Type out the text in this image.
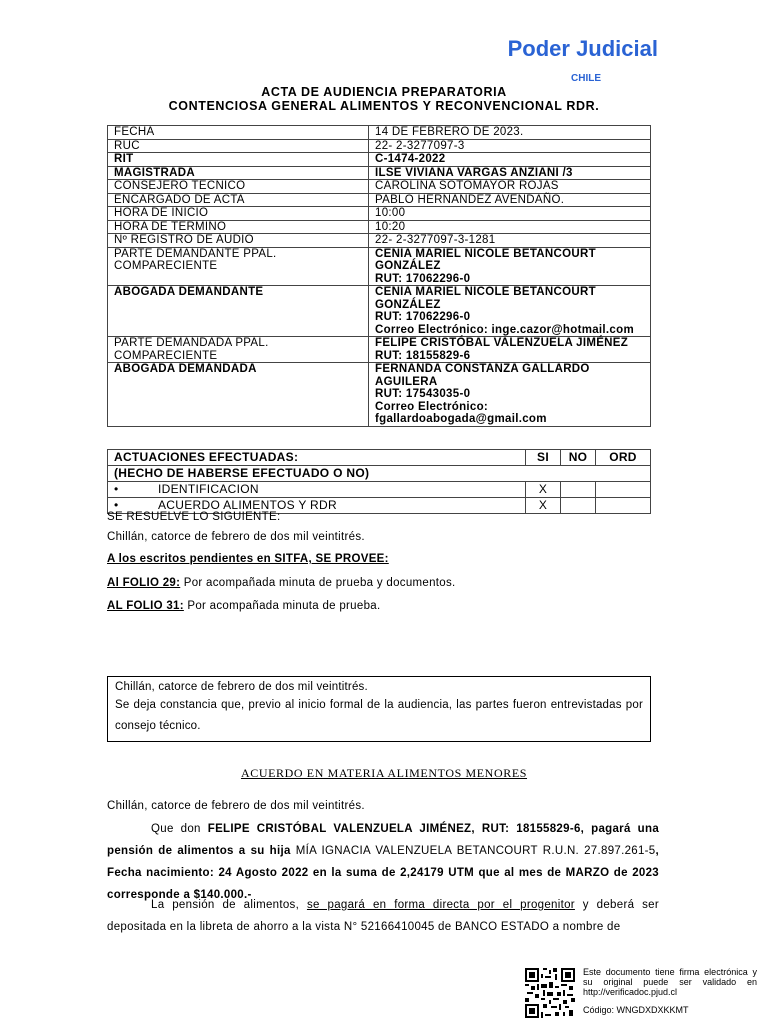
Poder Judicial
CHILE
ACTA DE AUDIENCIA PREPARATORIA
CONTENCIOSA GENERAL ALIMENTOS Y RECONVENCIONAL RDR.
FECHA	14 DE FEBRERO DE 2023.

RUC	22- 2-3277097-3

RIT	C-1474-2022

MAGISTRADA	ILSE VIVIANA VARGAS ANZIANI /3

CONSEJERO TECNICO	CAROLINA SOTOMAYOR ROJAS

ENCARGADO DE ACTA	PABLO HERNANDEZ AVENDAÑO.

HORA DE INICIO	10:00

HORA DE TERMINO	10:20

Nº REGISTRO DE AUDIO	22- 2-3277097-3-1281

PARTE DEMANDANTE PPAL. COMPARECIENTE	CENIA MARIEL NICOLE BETANCOURT GONZÁLEZ
RUT: 17062296-0

ABOGADA DEMANDANTE	CENIA MARIEL NICOLE BETANCOURT GONZÁLEZ
RUT: 17062296-0
Correo Electrónico: inge.cazor@hotmail.com

PARTE DEMANDADA PPAL. COMPARECIENTE	FELIPE CRISTÓBAL VALENZUELA JIMÉNEZ
RUT: 18155829-6

ABOGADA DEMANDADA	FERNANDA CONSTANZA GALLARDO AGUILERA
RUT: 17543035-0
Correo Electrónico:
fgallardoabogada@gmail.com
ACTUACIONES EFECTUADAS:	SI	NO	ORD
(HECHO DE HABERSE EFECTUADO O NO)			
• IDENTIFICACION	X		
• ACUERDO ALIMENTOS Y RDR	X		
SE RESUELVE LO SIGUIENTE:
Chillán, catorce de febrero de dos mil veintitrés.
A los escritos pendientes en SITFA, SE PROVEE:
Al FOLIO 29: Por acompañada minuta de prueba y documentos.
AL FOLIO 31: Por acompañada minuta de prueba.
Chillán, catorce de febrero de dos mil veintitrés.
Se deja constancia que, previo al inicio formal de la audiencia, las partes fueron entrevistadas por consejo técnico.
ACUERDO EN MATERIA ALIMENTOS MENORES
Chillán, catorce de febrero de dos mil veintitrés.
Que don FELIPE CRISTÓBAL VALENZUELA JIMÉNEZ, RUT: 18155829-6, pagará una pensión de alimentos a su hija MÍA IGNACIA VALENZUELA BETANCOURT R.U.N. 27.897.261-5, Fecha nacimiento: 24 Agosto 2022 en la suma de 2,24179 UTM que al mes de MARZO de 2023 corresponde a $140.000.-
La pensión de alimentos, se pagará en forma directa por el progenitor y deberá ser depositada en la libreta de ahorro a la vista N° 52166410045 de BANCO ESTADO a nombre de
Este documento tiene firma electrónica y su original puede ser validado en http://verificadoc.pjud.cl
Código: WNGDXDXKKMT
